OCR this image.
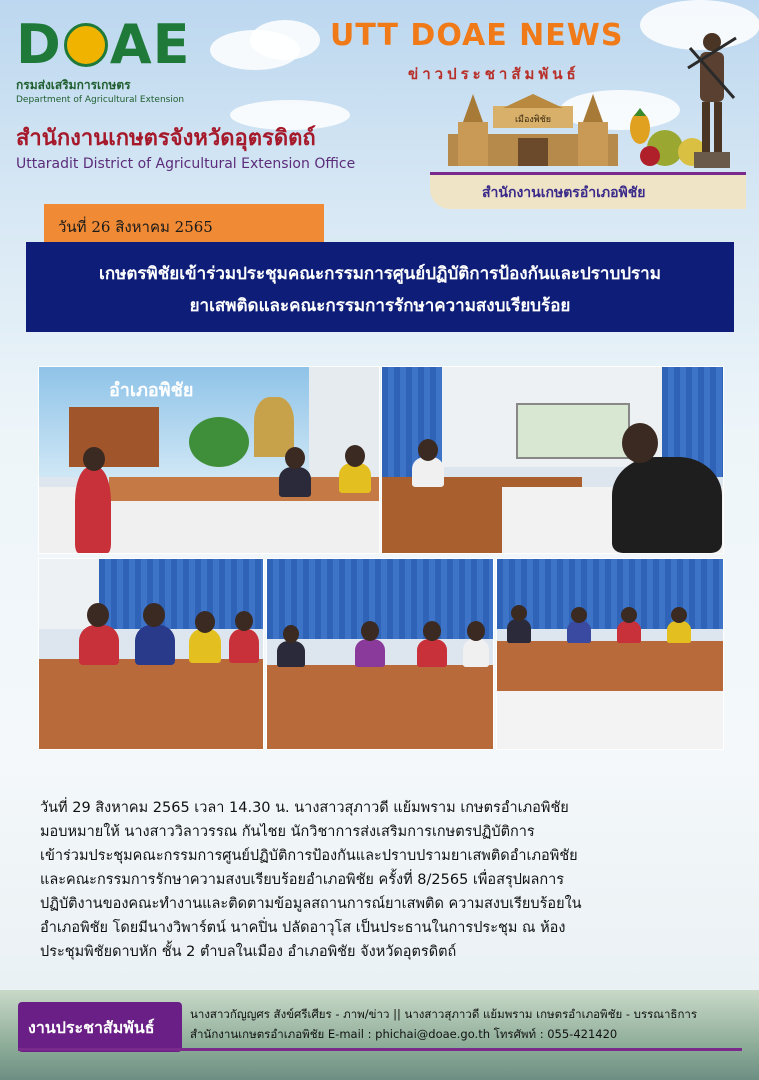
D AE
กรมส่งเสริมการเกษตร
Department of Agricultural Extension
UTT DOAE NEWS
ข่าวประชาสัมพันธ์
สำนักงานเกษตรจังหวัดอุตรดิตถ์
Uttaradit District of Agricultural Extension Office
เมืองพิชัย
สำนักงานเกษตรอำเภอพิชัย
วันที่ 26 สิงหาคม 2565
เกษตรพิชัยเข้าร่วมประชุมคณะกรรมการศูนย์ปฏิบัติการป้องกันและปราบปราม
ยาเสพติดและคณะกรรมการรักษาความสงบเรียบร้อย
อำเภอพิชัย

วันที่ 29 สิงหาคม 2565 เวลา 14.30 น. นางสาวสุภาวดี แย้มพราม เกษตรอำเภอพิชัย

มอบหมายให้ นางสาววิลาวรรณ กันไชย นักวิชาการส่งเสริมการเกษตรปฏิบัติการ

เข้าร่วมประชุมคณะกรรมการศูนย์ปฏิบัติการป้องกันและปราบปรามยาเสพติดอำเภอพิชัย

และคณะกรรมการรักษาความสงบเรียบร้อยอำเภอพิชัย ครั้งที่ 8/2565 เพื่อสรุปผลการ

ปฏิบัติงานของคณะทำงานและติดตามข้อมูลสถานการณ์ยาเสพติด ความสงบเรียบร้อยใน

อำเภอพิชัย โดยมีนางวิพาร์ตน์ นาคปิ่น ปลัดอาวุโส เป็นประธานในการประชุม ณ ห้อง

ประชุมพิชัยดาบหัก ชั้น 2 ตำบลในเมือง อำเภอพิชัย จังหวัดอุตรดิตถ์

งานประชาสัมพันธ์
นางสาวกัญญศร สังข์ศรีเศียร - ภาพ/ข่าว || นางสาวสุภาวดี แย้มพราม เกษตรอำเภอพิชัย - บรรณาธิการ
สำนักงานเกษตรอำเภอพิชัย E-mail : phichai@doae.go.th โทรศัพท์ : 055-421420
